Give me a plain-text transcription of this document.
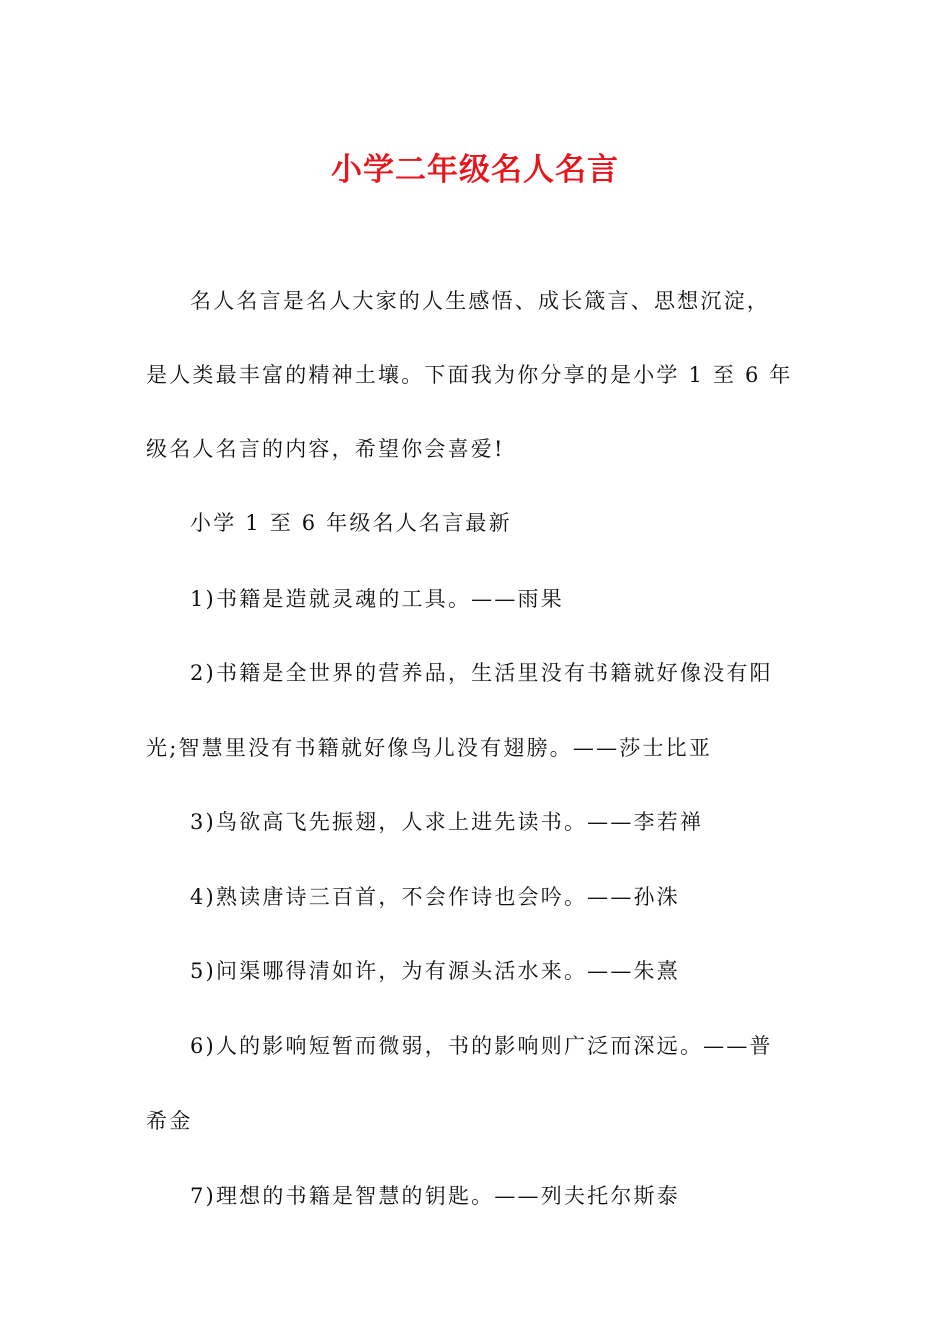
小学二年级名人名言
名人名言是名人大家的人生感悟、成长箴言、思想沉淀，
是人类最丰富的精神土壤。下面我为你分享的是小学 1 至 6 年
级名人名言的内容，希望你会喜爱!
小学 1 至 6 年级名人名言最新
1)书籍是造就灵魂的工具。——雨果
2)书籍是全世界的营养品，生活里没有书籍就好像没有阳
光;智慧里没有书籍就好像鸟儿没有翅膀。——莎士比亚
3)鸟欲高飞先振翅，人求上进先读书。——李若禅
4)熟读唐诗三百首，不会作诗也会吟。——孙洙
5)问渠哪得清如许，为有源头活水来。——朱熹
6)人的影响短暂而微弱，书的影响则广泛而深远。——普
希金
7)理想的书籍是智慧的钥匙。——列夫托尔斯泰
